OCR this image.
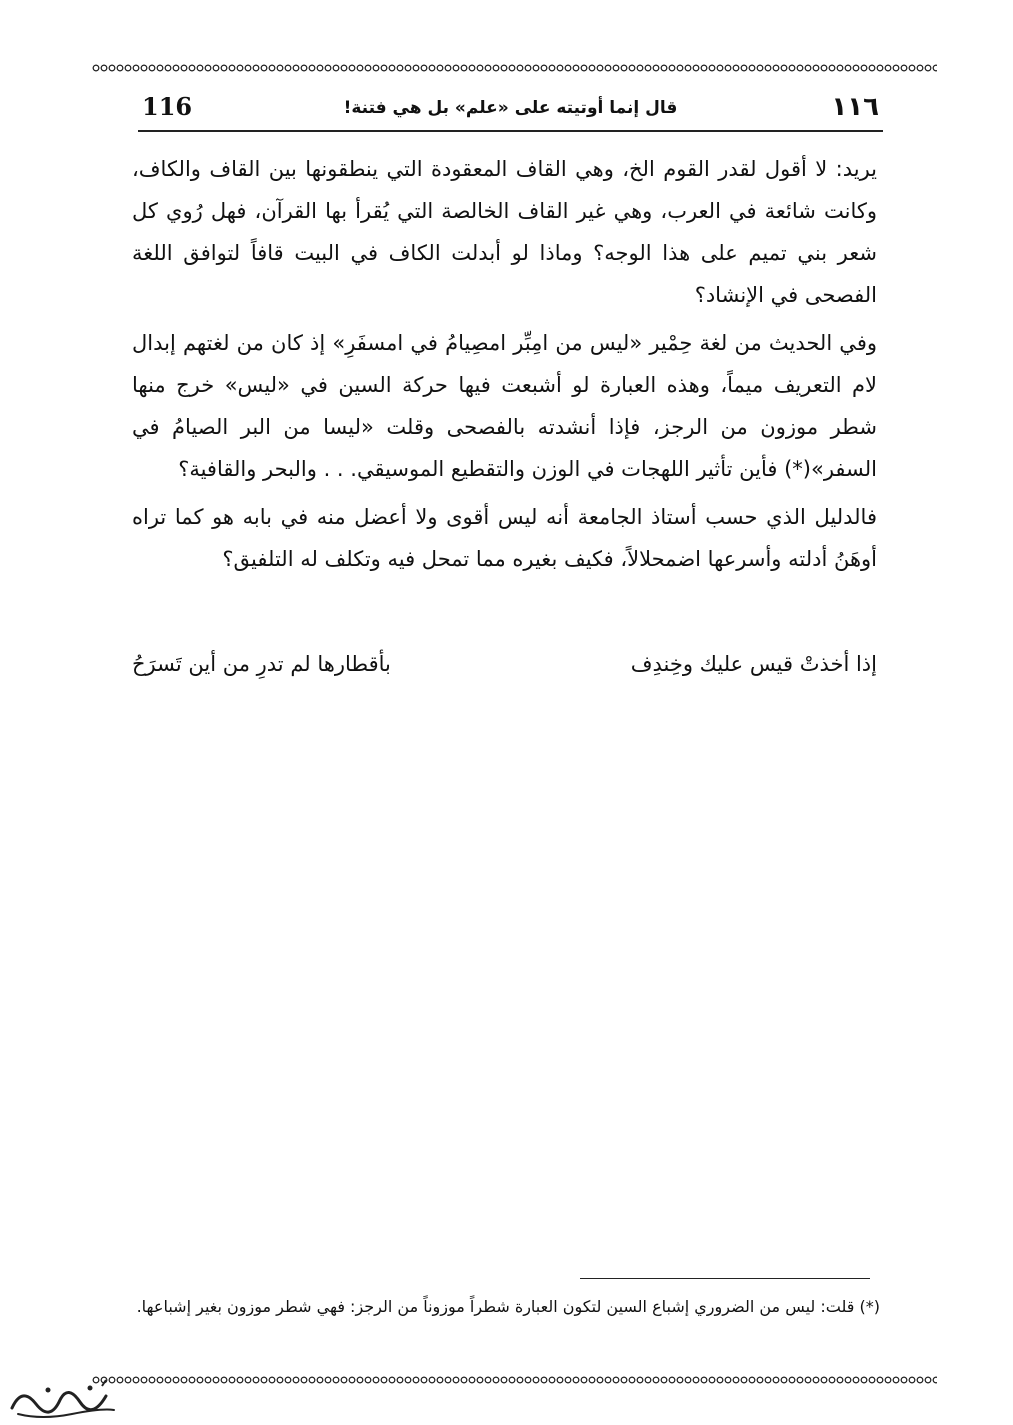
116	قال إنما أوتيته على «علم» بل هي فتنة!	١١٦

يريد: لا أقول لقدر القوم الخ، وهي القاف المعقودة التي ينطقونها بين القاف والكاف، وكانت شائعة في العرب، وهي غير القاف الخالصة التي يُقرأ بها القرآن، فهل رُوي كل شعر بني تميم على هذا الوجه؟ وماذا لو أبدلت الكاف في البيت قافاً لتوافق اللغة الفصحى في الإنشاد؟

وفي الحديث من لغة حِمْير «ليس من امِبِّر امصِيامُ في امسفَرِ» إذ كان من لغتهم إبدال لام التعريف ميماً، وهذه العبارة لو أشبعت فيها حركة السين في «ليس» خرج منها شطر موزون من الرجز، فإذا أنشدته بالفصحى وقلت «ليسا من البر الصيامُ في السفر»(*) فأين تأثير اللهجات في الوزن والتقطيع الموسيقي. . . والبحر والقافية؟

فالدليل الذي حسب أستاذ الجامعة أنه ليس أقوى ولا أعضل منه في بابه هو كما تراه أوهَنُ أدلته وأسرعها اضمحلالاً، فكيف بغيره مما تمحل فيه وتكلف له التلفيق؟

إذا أخذتْ قيس عليك وخِندِف
بأقطارها لم تدرِ من أين تَسرَحُ
(*) قلت: ليس من الضروري إشباع السين لتكون العبارة شطراً موزوناً من الرجز: فهي شطر موزون بغير إشباعها.
